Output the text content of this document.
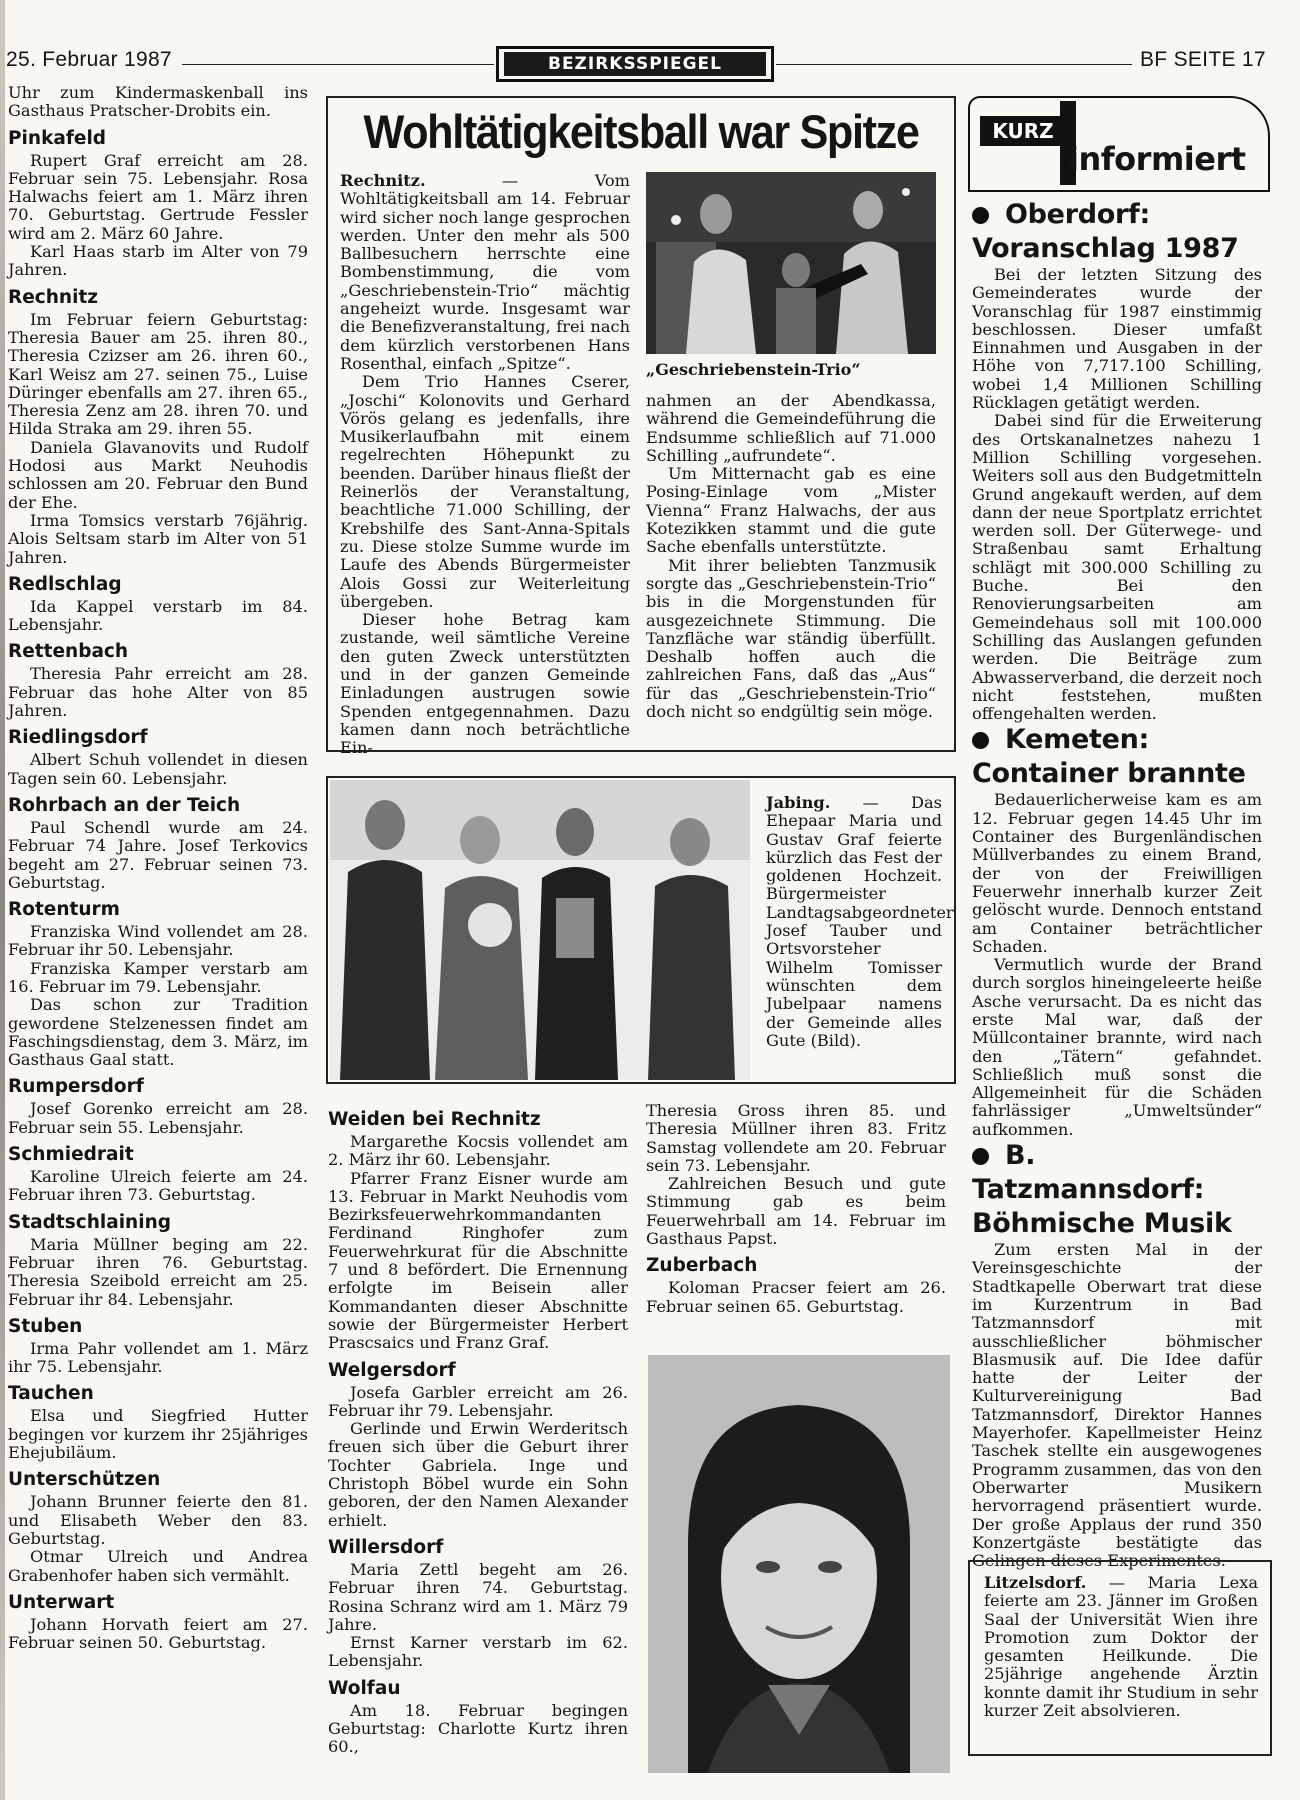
25. Februar 1987	BEZIRKSSPIEGEL	BF SEITE 17

Uhr zum Kindermaskenball ins Gasthaus Pratscher-Drobits ein.

Pinkafeld

Rupert Graf erreicht am 28. Februar sein 75. Lebensjahr. Rosa Halwachs feiert am 1. März ihren 70. Geburtstag. Gertrude Fessler wird am 2. März 60 Jahre.

Karl Haas starb im Alter von 79 Jahren.

Rechnitz

Im Februar feiern Geburtstag: Theresia Bauer am 25. ihren 80., Theresia Czizser am 26. ihren 60., Karl Weisz am 27. seinen 75., Luise Düringer ebenfalls am 27. ihren 65., Theresia Zenz am 28. ihren 70. und Hilda Straka am 29. ihren 55.

Daniela Glavanovits und Rudolf Hodosi aus Markt Neuhodis schlossen am 20. Februar den Bund der Ehe.

Irma Tomsics verstarb 76jährig. Alois Seltsam starb im Alter von 51 Jahren.

Redlschlag

Ida Kappel verstarb im 84. Lebensjahr.

Rettenbach

Theresia Pahr erreicht am 28. Februar das hohe Alter von 85 Jahren.

Riedlingsdorf

Albert Schuh vollendet in diesen Tagen sein 60. Lebensjahr.

Rohrbach an der Teich

Paul Schendl wurde am 24. Februar 74 Jahre. Josef Terkovics begeht am 27. Februar seinen 73. Geburtstag.

Rotenturm

Franziska Wind vollendet am 28. Februar ihr 50. Lebensjahr.

Franziska Kamper verstarb am 16. Februar im 79. Lebensjahr.

Das schon zur Tradition gewordene Stelzenessen findet am Faschingsdienstag, dem 3. März, im Gasthaus Gaal statt.

Rumpersdorf

Josef Gorenko erreicht am 28. Februar sein 55. Lebensjahr.

Schmiedrait

Karoline Ulreich feierte am 24. Februar ihren 73. Geburtstag.

Stadtschlaining

Maria Müllner beging am 22. Februar ihren 76. Geburtstag. Theresia Szeibold erreicht am 25. Februar ihr 84. Lebensjahr.

Stuben

Irma Pahr vollendet am 1. März ihr 75. Lebensjahr.

Tauchen

Elsa und Siegfried Hutter begingen vor kurzem ihr 25jähriges Ehejubiläum.

Unterschützen

Johann Brunner feierte den 81. und Elisabeth Weber den 83. Geburtstag.

Otmar Ulreich und Andrea Grabenhofer haben sich vermählt.

Unterwart

Johann Horvath feiert am 27. Februar seinen 50. Geburtstag.

Wohltätigkeitsball war Spitze

Rechnitz. — Vom Wohltätigkeitsball am 14. Februar wird sicher noch lange gesprochen werden. Unter den mehr als 500 Ballbesuchern herrschte eine Bombenstimmung, die vom „Geschriebenstein-Trio“ mächtig angeheizt wurde. Insgesamt war die Benefizveranstaltung, frei nach dem kürzlich verstorbenen Hans Rosenthal, einfach „Spitze“.

Dem Trio Hannes Cserer, „Joschi“ Kolonovits und Gerhard Vörös gelang es jedenfalls, ihre Musikerlaufbahn mit einem regelrechten Höhepunkt zu beenden. Darüber hinaus fließt der Reinerlös der Veranstaltung, beachtliche 71.000 Schilling, der Krebshilfe des Sant-Anna-Spitals zu. Diese stolze Summe wurde im Laufe des Abends Bürgermeister Alois Gossi zur Weiterleitung übergeben.

Dieser hohe Betrag kam zustande, weil sämtliche Vereine den guten Zweck unterstützten und in der ganzen Gemeinde Einladungen austrugen sowie Spenden entgegennahmen. Dazu kamen dann noch beträchtliche Ein-

„Geschriebenstein-Trio“

nahmen an der Abendkassa, während die Gemeindeführung die Endsumme schließlich auf 71.000 Schilling „aufrundete“.

Um Mitternacht gab es eine Posing-Einlage vom „Mister Vienna“ Franz Halwachs, der aus Kotezikken stammt und die gute Sache ebenfalls unterstützte.

Mit ihrer beliebten Tanzmusik sorgte das „Geschriebenstein-Trio“ bis in die Morgenstunden für ausgezeichnete Stimmung. Die Tanzfläche war ständig überfüllt. Deshalb hoffen auch die zahlreichen Fans, daß das „Aus“ für das „Geschriebenstein-Trio“ doch nicht so endgültig sein möge.

Jabing. — Das Ehepaar Maria und Gustav Graf feierte kürzlich das Fest der goldenen Hochzeit. Bürgermeister Landtagsabgeordneter Josef Tauber und Ortsvorsteher Wilhelm Tomisser wünschten dem Jubelpaar namens der Gemeinde alles Gute (Bild).

Weiden bei Rechnitz

Margarethe Kocsis vollendet am 2. März ihr 60. Lebensjahr.

Pfarrer Franz Eisner wurde am 13. Februar in Markt Neuhodis vom Bezirksfeuerwehrkommandanten Ferdinand Ringhofer zum Feuerwehrkurat für die Abschnitte 7 und 8 befördert. Die Ernennung erfolgte im Beisein aller Kommandanten dieser Abschnitte sowie der Bürgermeister Herbert Prascsaics und Franz Graf.

Welgersdorf

Josefa Garbler erreicht am 26. Februar ihr 79. Lebensjahr.

Gerlinde und Erwin Werderitsch freuen sich über die Geburt ihrer Tochter Gabriela. Inge und Christoph Böbel wurde ein Sohn geboren, der den Namen Alexander erhielt.

Willersdorf

Maria Zettl begeht am 26. Februar ihren 74. Geburtstag. Rosina Schranz wird am 1. März 79 Jahre.

Ernst Karner verstarb im 62. Lebensjahr.

Wolfau

Am 18. Februar begingen Geburtstag: Charlotte Kurtz ihren 60.,

Theresia Gross ihren 85. und Theresia Müllner ihren 83. Fritz Samstag vollendete am 20. Februar sein 73. Lebensjahr.

Zahlreichen Besuch und gute Stimmung gab es beim Feuerwehrball am 14. Februar im Gasthaus Papst.

Zuberbach

Koloman Pracser feiert am 26. Februar seinen 65. Geburtstag.

KURZ
informiert

Oberdorf: Voranschlag 1987

Bei der letzten Sitzung des Gemeinderates wurde der Voranschlag für 1987 einstimmig beschlossen. Dieser umfaßt Einnahmen und Ausgaben in der Höhe von 7,717.100 Schilling, wobei 1,4 Millionen Schilling Rücklagen getätigt werden.

Dabei sind für die Erweiterung des Ortskanalnetzes nahezu 1 Million Schilling vorgesehen. Weiters soll aus den Budgetmitteln Grund angekauft werden, auf dem dann der neue Sportplatz errichtet werden soll. Der Güterwege- und Straßenbau samt Erhaltung schlägt mit 300.000 Schilling zu Buche. Bei den Renovierungsarbeiten am Gemeindehaus soll mit 100.000 Schilling das Auslangen gefunden werden. Die Beiträge zum Abwasserverband, die derzeit noch nicht feststehen, mußten offengehalten werden.

Kemeten: Container brannte

Bedauerlicherweise kam es am 12. Februar gegen 14.45 Uhr im Container des Burgenländischen Müllverbandes zu einem Brand, der von der Freiwilligen Feuerwehr innerhalb kurzer Zeit gelöscht wurde. Dennoch entstand am Container beträchtlicher Schaden.

Vermutlich wurde der Brand durch sorglos hineingeleerte heiße Asche verursacht. Da es nicht das erste Mal war, daß der Müllcontainer brannte, wird nach den „Tätern“ gefahndet. Schließlich muß sonst die Allgemeinheit für die Schäden fahrlässiger „Umweltsünder“ aufkommen.

B. Tatzmannsdorf: Böhmische Musik

Zum ersten Mal in der Vereinsgeschichte der Stadtkapelle Oberwart trat diese im Kurzentrum in Bad Tatzmannsdorf mit ausschließlicher böhmischer Blasmusik auf. Die Idee dafür hatte der Leiter der Kulturvereinigung Bad Tatzmannsdorf, Direktor Hannes Mayerhofer. Kapellmeister Heinz Taschek stellte ein ausgewogenes Programm zusammen, das von den Oberwarter Musikern hervorragend präsentiert wurde. Der große Applaus der rund 350 Konzertgäste bestätigte das Gelingen dieses Experimentes.

Litzelsdorf. — Maria Lexa feierte am 23. Jänner im Großen Saal der Universität Wien ihre Promotion zum Doktor der gesamten Heilkunde. Die 25jährige angehende Ärztin konnte damit ihr Studium in sehr kurzer Zeit absolvieren.
